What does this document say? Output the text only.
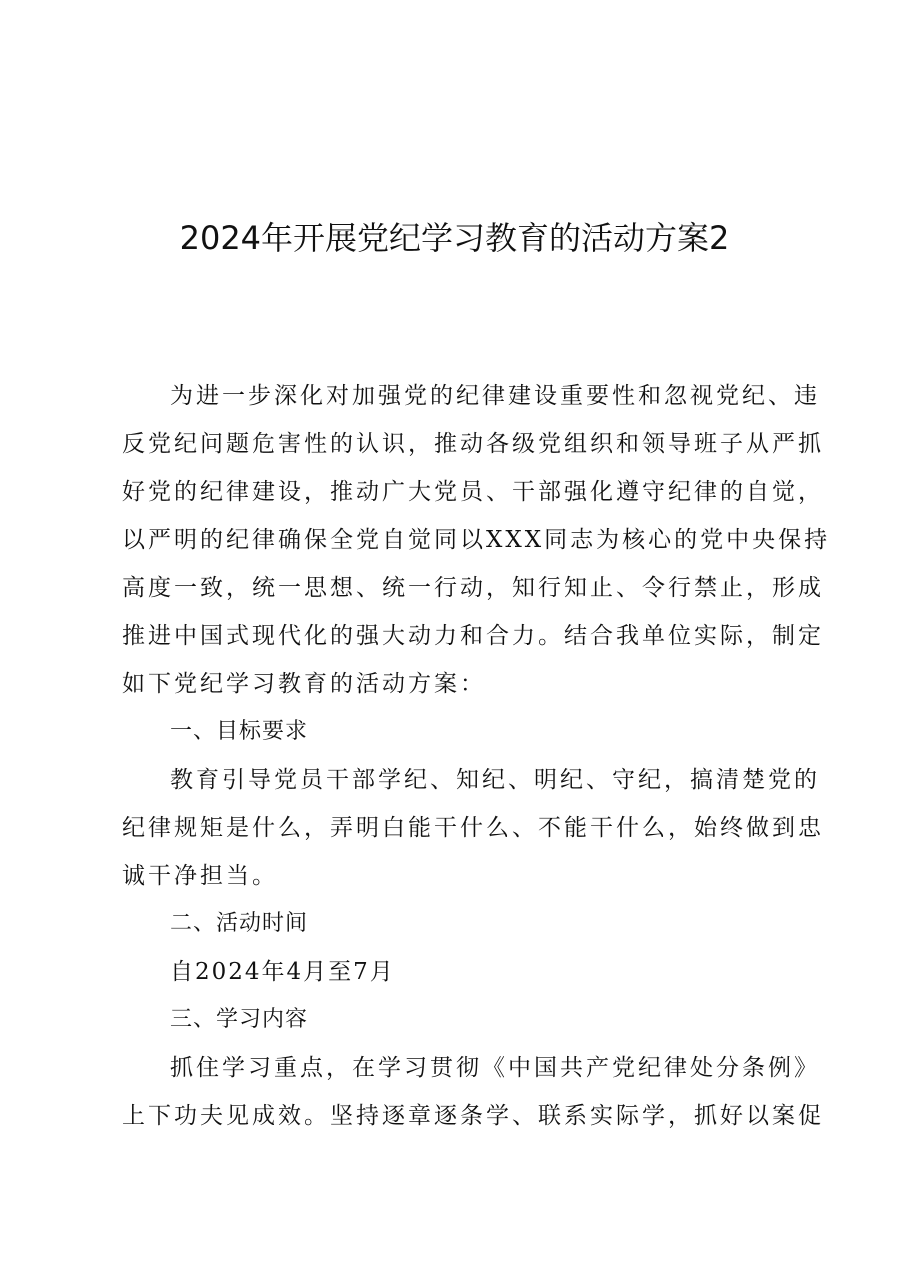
2024年开展党纪学习教育的活动方案2

为进一步深化对加强党的纪律建设重要性和忽视党纪、违
反党纪问题危害性的认识，推动各级党组织和领导班子从严抓
好党的纪律建设，推动广大党员、干部强化遵守纪律的自觉，
以严明的纪律确保全党自觉同以XXX同志为核心的党中央保持
高度一致，统一思想、统一行动，知行知止、令行禁止，形成
推进中国式现代化的强大动力和合力。结合我单位实际，制定
如下党纪学习教育的活动方案：

一、目标要求

教育引导党员干部学纪、知纪、明纪、守纪，搞清楚党的
纪律规矩是什么，弄明白能干什么、不能干什么，始终做到忠
诚干净担当。

二、活动时间

自2024年4月至7月

三、学习内容

抓住学习重点，在学习贯彻《中国共产党纪律处分条例》
上下功夫见成效。坚持逐章逐条学、联系实际学，抓好以案促
